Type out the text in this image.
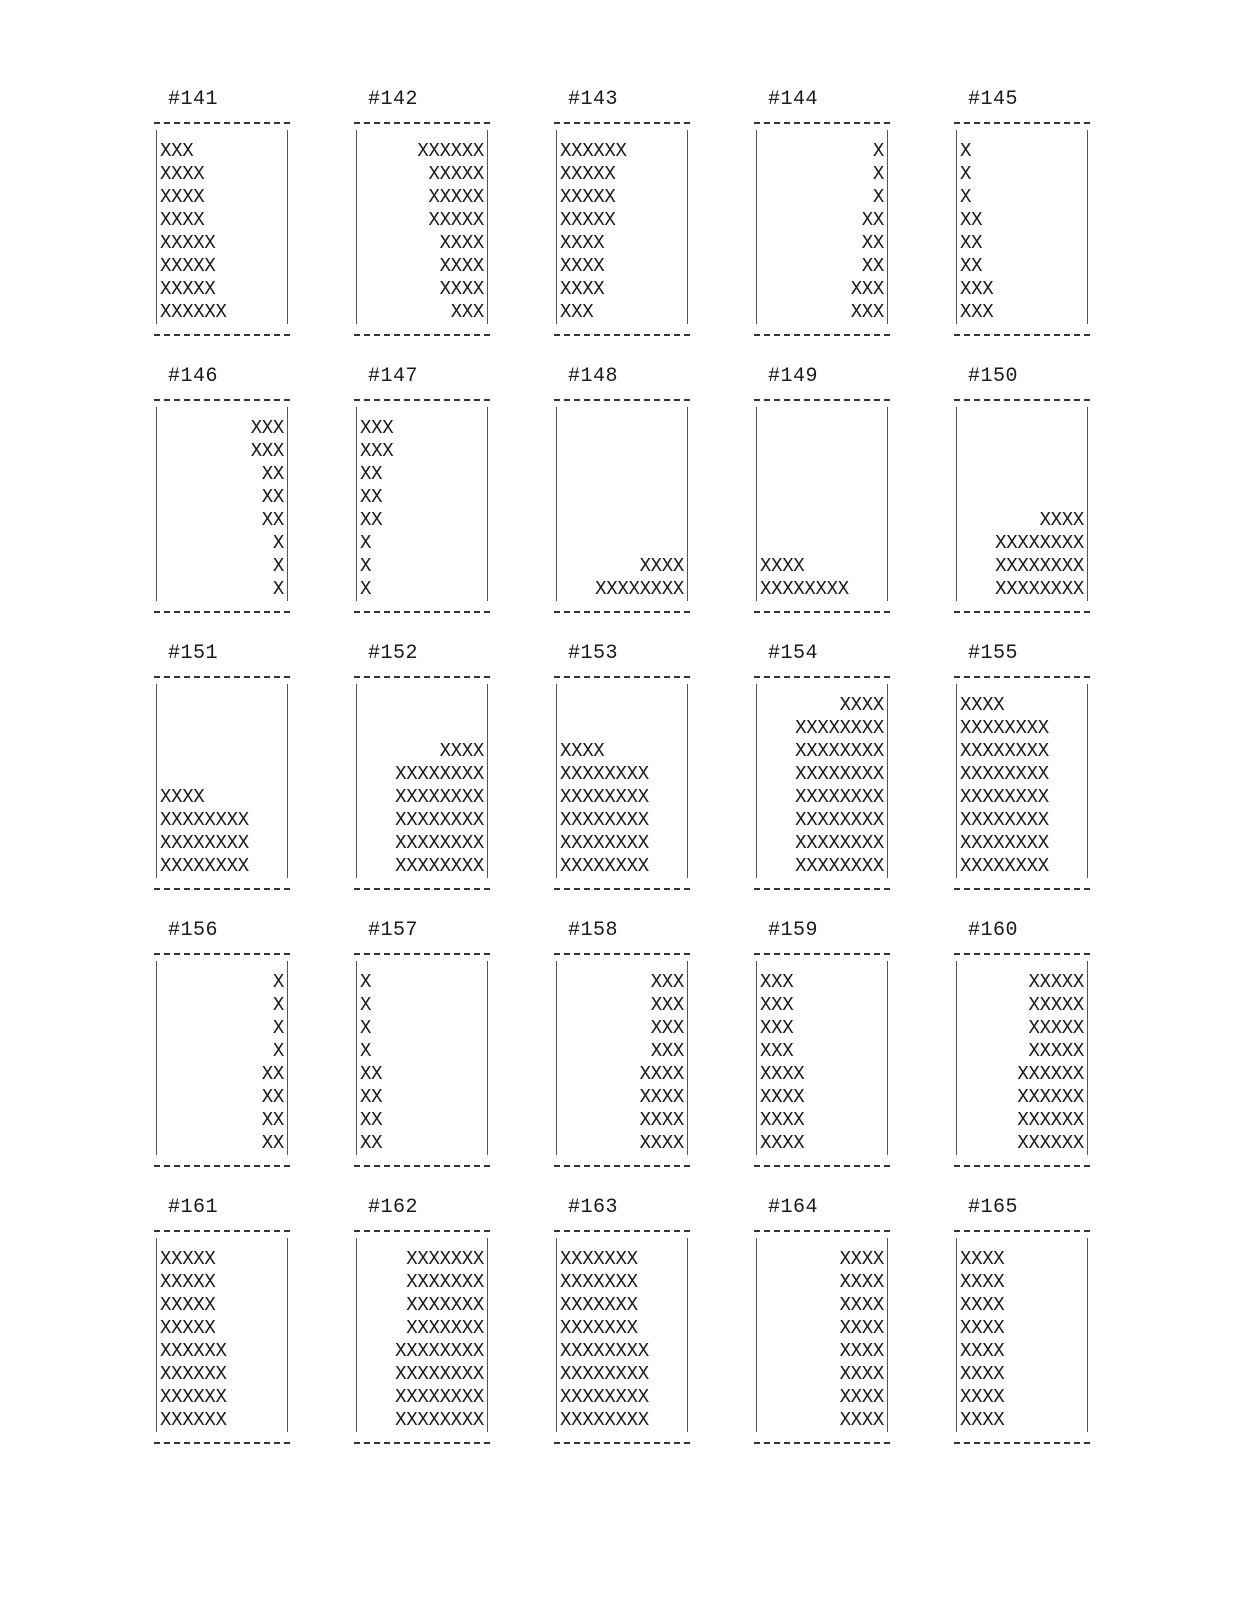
#141
XXX
XXXX
XXXX
XXXX
XXXXX
XXXXX
XXXXX
XXXXXX
#142
XXXXXX
XXXXX
XXXXX
XXXXX
XXXX
XXXX
XXXX
XXX
#143
XXXXXX
XXXXX
XXXXX
XXXXX
XXXX
XXXX
XXXX
XXX
#144
X
X
X
XX
XX
XX
XXX
XXX
#145
X
X
X
XX
XX
XX
XXX
XXX
#146
XXX
XXX
XX
XX
XX
X
X
X
#147
XXX
XXX
XX
XX
XX
X
X
X
#148
XXXX
XXXXXXXX
#149
XXXX
XXXXXXXX
#150
XXXX
XXXXXXXX
XXXXXXXX
XXXXXXXX
#151
XXXX
XXXXXXXX
XXXXXXXX
XXXXXXXX
#152
XXXX
XXXXXXXX
XXXXXXXX
XXXXXXXX
XXXXXXXX
XXXXXXXX
#153
XXXX
XXXXXXXX
XXXXXXXX
XXXXXXXX
XXXXXXXX
XXXXXXXX
#154
XXXX
XXXXXXXX
XXXXXXXX
XXXXXXXX
XXXXXXXX
XXXXXXXX
XXXXXXXX
XXXXXXXX
#155
XXXX
XXXXXXXX
XXXXXXXX
XXXXXXXX
XXXXXXXX
XXXXXXXX
XXXXXXXX
XXXXXXXX
#156
X
X
X
X
XX
XX
XX
XX
#157
X
X
X
X
XX
XX
XX
XX
#158
XXX
XXX
XXX
XXX
XXXX
XXXX
XXXX
XXXX
#159
XXX
XXX
XXX
XXX
XXXX
XXXX
XXXX
XXXX
#160
XXXXX
XXXXX
XXXXX
XXXXX
XXXXXX
XXXXXX
XXXXXX
XXXXXX
#161
XXXXX
XXXXX
XXXXX
XXXXX
XXXXXX
XXXXXX
XXXXXX
XXXXXX
#162
XXXXXXX
XXXXXXX
XXXXXXX
XXXXXXX
XXXXXXXX
XXXXXXXX
XXXXXXXX
XXXXXXXX
#163
XXXXXXX
XXXXXXX
XXXXXXX
XXXXXXX
XXXXXXXX
XXXXXXXX
XXXXXXXX
XXXXXXXX
#164
XXXX
XXXX
XXXX
XXXX
XXXX
XXXX
XXXX
XXXX
#165
XXXX
XXXX
XXXX
XXXX
XXXX
XXXX
XXXX
XXXX
